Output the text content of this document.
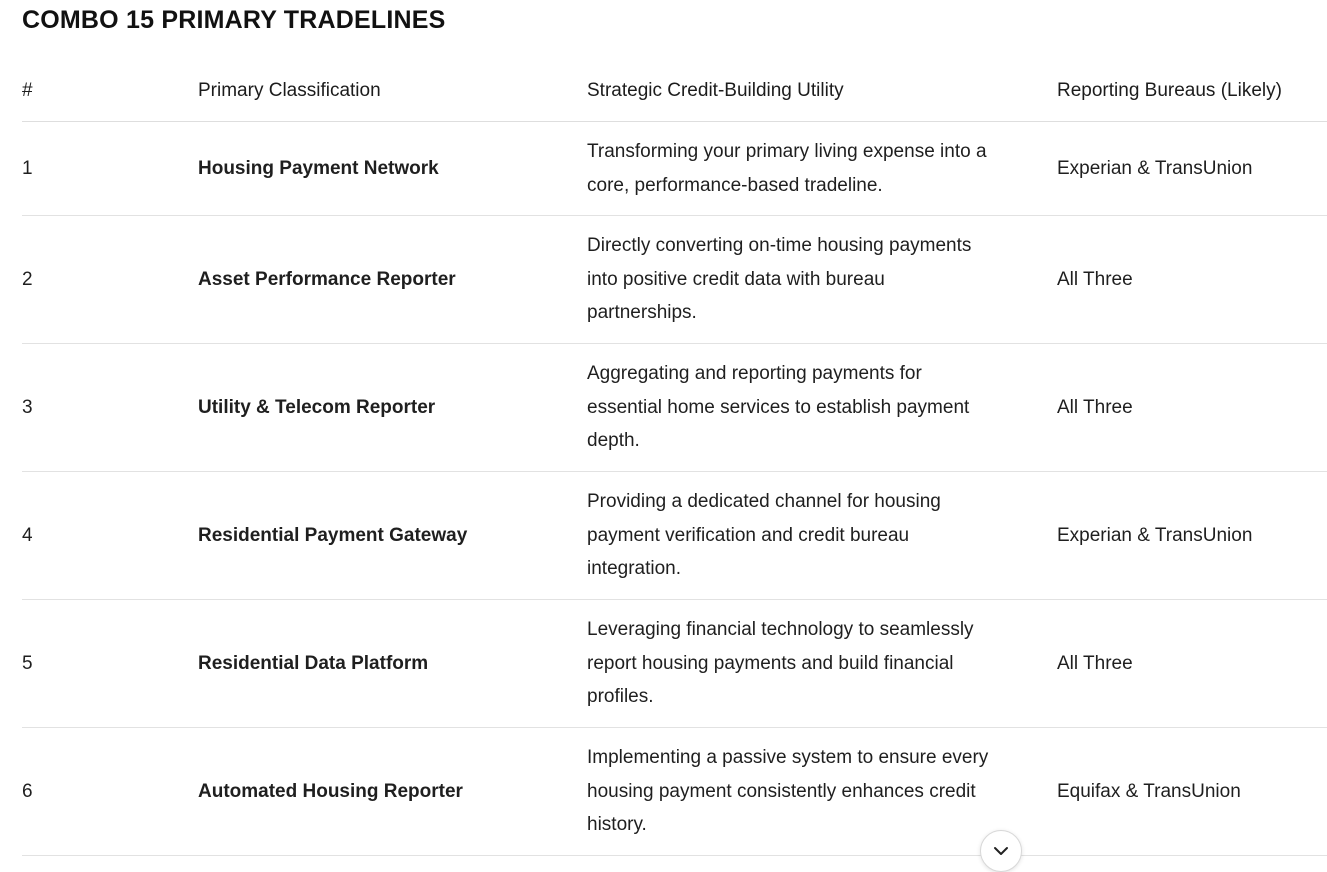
COMBO 15 PRIMARY TRADELINES
#	Primary Classification	Strategic Credit-Building Utility	Reporting Bureaus (Likely)
1	Housing Payment Network	Transforming your primary living expense into a core, performance-based tradeline.	Experian & TransUnion
2	Asset Performance Reporter	Directly converting on-time housing payments into positive credit data with bureau partnerships.	All Three
3	Utility & Telecom Reporter	Aggregating and reporting payments for essential home services to establish payment depth.	All Three
4	Residential Payment Gateway	Providing a dedicated channel for housing payment verification and credit bureau integration.	Experian & TransUnion
5	Residential Data Platform	Leveraging financial technology to seamlessly report housing payments and build financial profiles.	All Three
6	Automated Housing Reporter	Implementing a passive system to ensure every housing payment consistently enhances credit history.	Equifax & TransUnion
